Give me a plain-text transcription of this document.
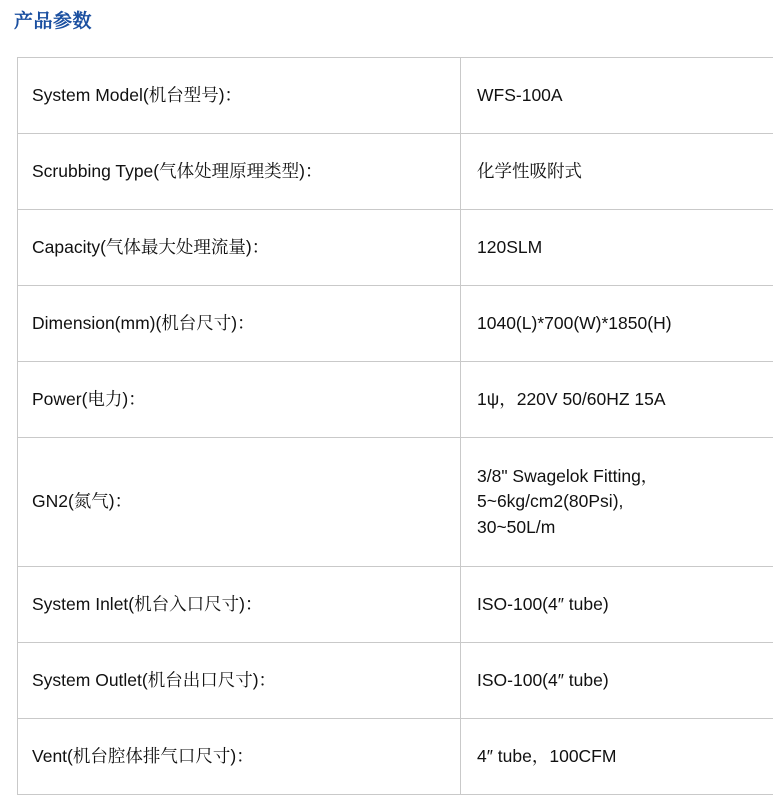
产品参数
System Model(机台型号)：	WFS-100A
Scrubbing Type(气体处理原理类型)：	化学性吸附式
Capacity(气体最大处理流量)：	120SLM
Dimension(mm)(机台尺寸)：	1040(L)*700(W)*1850(H)
Power(电力)：	1ψ，220V 50/60HZ 15A
GN2(氮气)：	3/8" Swagelok Fitting，
5~6kg/cm2(80Psi),
30~50L/m

System Inlet(机台入口尺寸)：	ISO-100(4″ tube)
System Outlet(机台出口尺寸)：	ISO-100(4″ tube)
Vent(机台腔体排气口尺寸)：	4″ tube，100CFM
